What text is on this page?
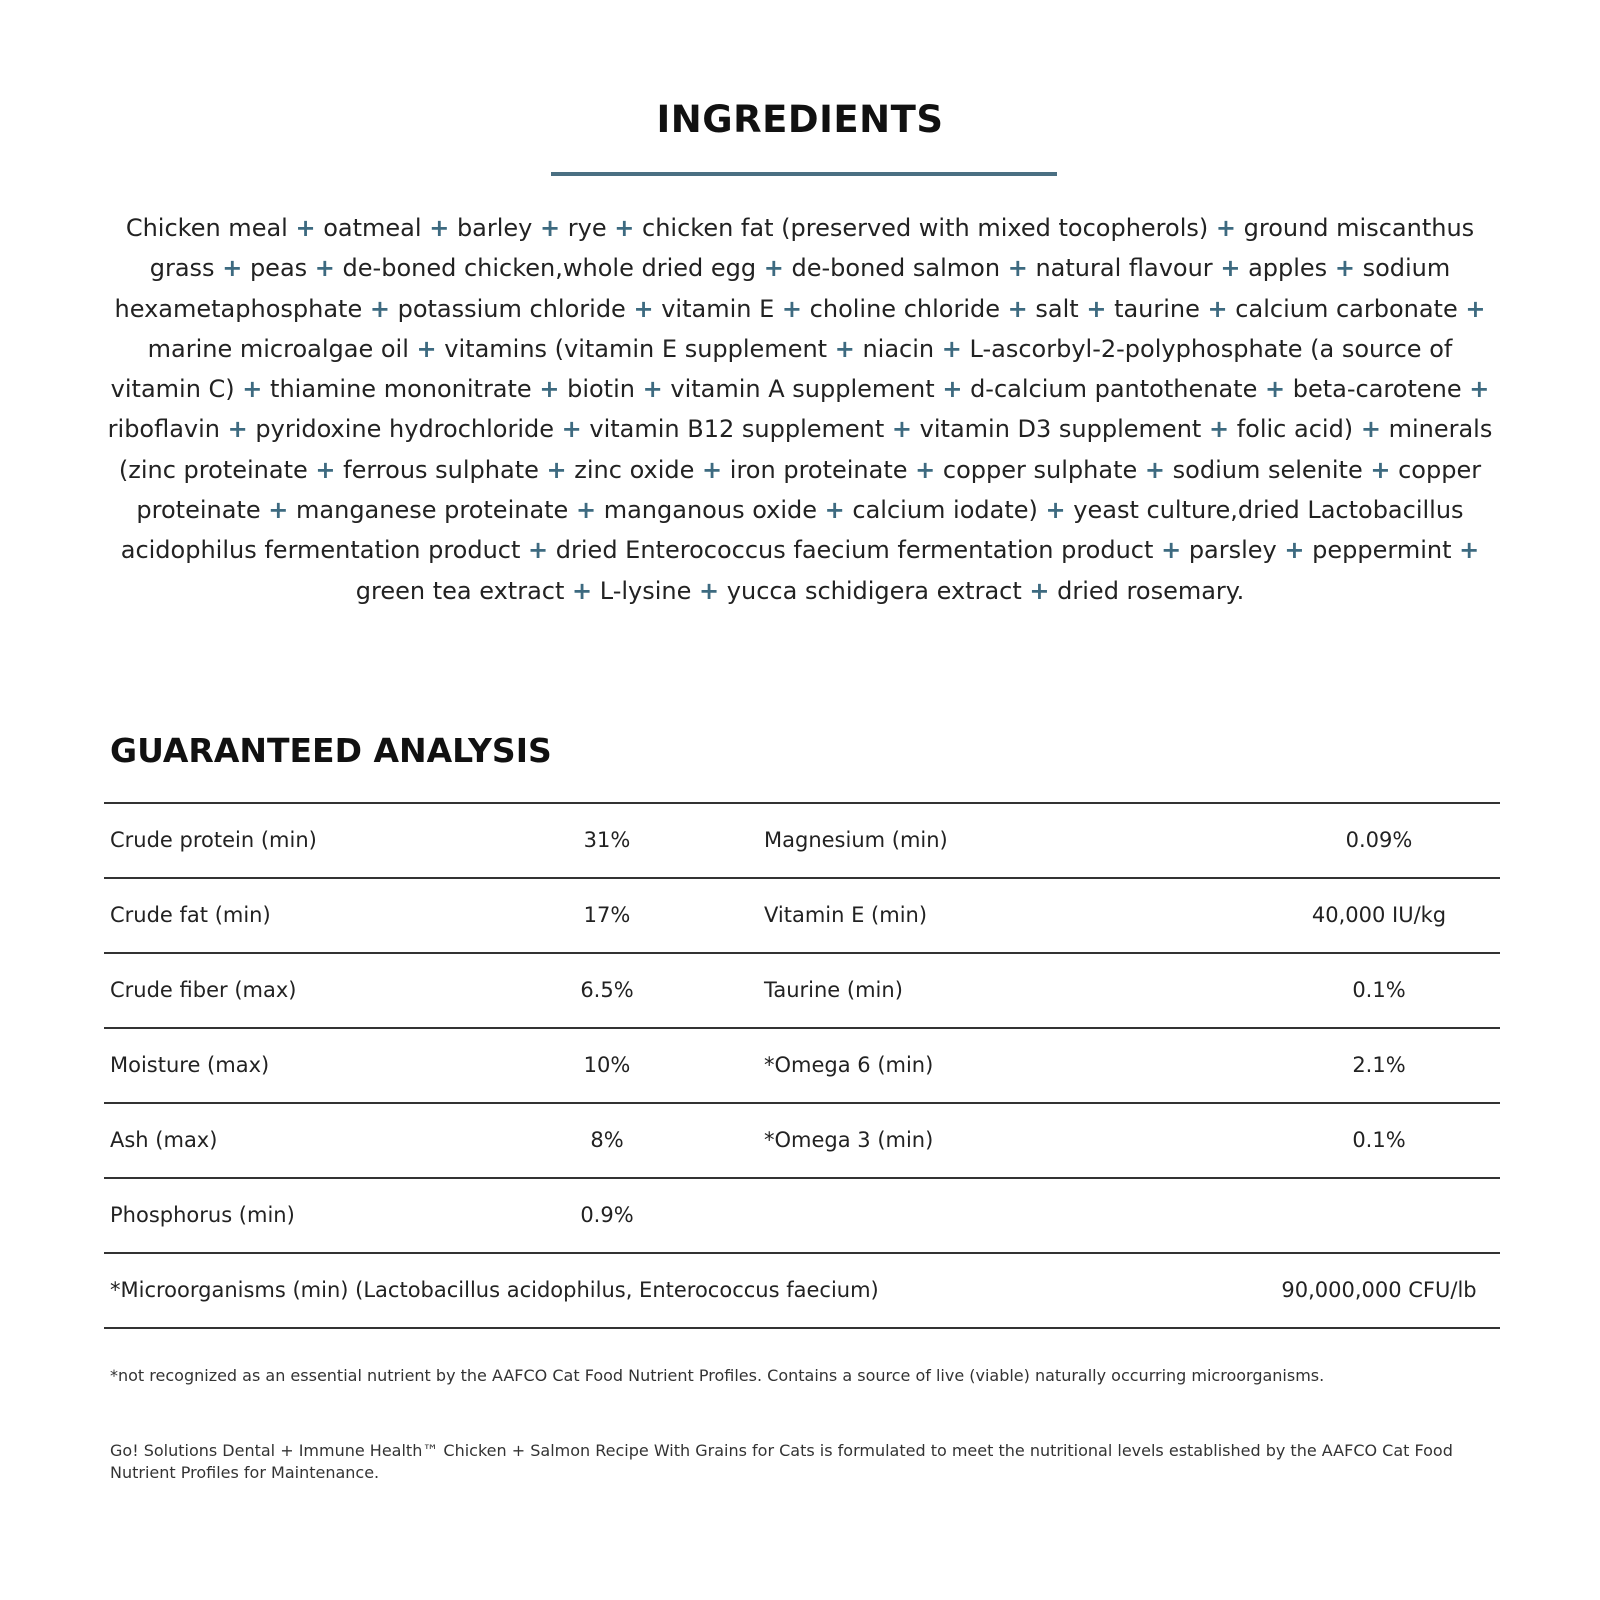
INGREDIENTS

Chicken meal + oatmeal + barley + rye + chicken fat (preserved with mixed tocopherols) + ground miscanthus grass + peas + de-boned chicken,whole dried egg + de-boned salmon + natural flavour + apples + sodium hexametaphosphate + potassium chloride + vitamin E + choline chloride + salt + taurine + calcium carbonate + marine microalgae oil + vitamins (vitamin E supplement + niacin + L-ascorbyl-2-polyphosphate (a source of vitamin C) + thiamine mononitrate + biotin + vitamin A supplement + d-calcium pantothenate + beta-carotene + riboflavin + pyridoxine hydrochloride + vitamin B12 supplement + vitamin D3 supplement + folic acid) + minerals (zinc proteinate + ferrous sulphate + zinc oxide + iron proteinate + copper sulphate + sodium selenite + copper proteinate + manganese proteinate + manganous oxide + calcium iodate) + yeast culture,dried Lactobacillus acidophilus fermentation product + dried Enterococcus faecium fermentation product + parsley + peppermint + green tea extract + L-lysine + yucca schidigera extract + dried rosemary.

GUARANTEED ANALYSIS
Crude protein (min)	31%	Magnesium (min)	0.09%
Crude fat (min)	17%	Vitamin E (min)	40,000 IU/kg
Crude fiber (max)	6.5%	Taurine (min)	0.1%
Moisture (max)	10%	*Omega 6 (min)	2.1%
Ash (max)	8%	*Omega 3 (min)	0.1%
Phosphorus (min)	0.9%
*Microorganisms (min) (Lactobacillus acidophilus, Enterococcus faecium)	90,000,000 CFU/lb

*not recognized as an essential nutrient by the AAFCO Cat Food Nutrient Profiles. Contains a source of live (viable) naturally occurring microorganisms.

Go! Solutions Dental + Immune Health™ Chicken + Salmon Recipe With Grains for Cats is formulated to meet the nutritional levels established by the AAFCO Cat Food Nutrient Profiles for Maintenance.
